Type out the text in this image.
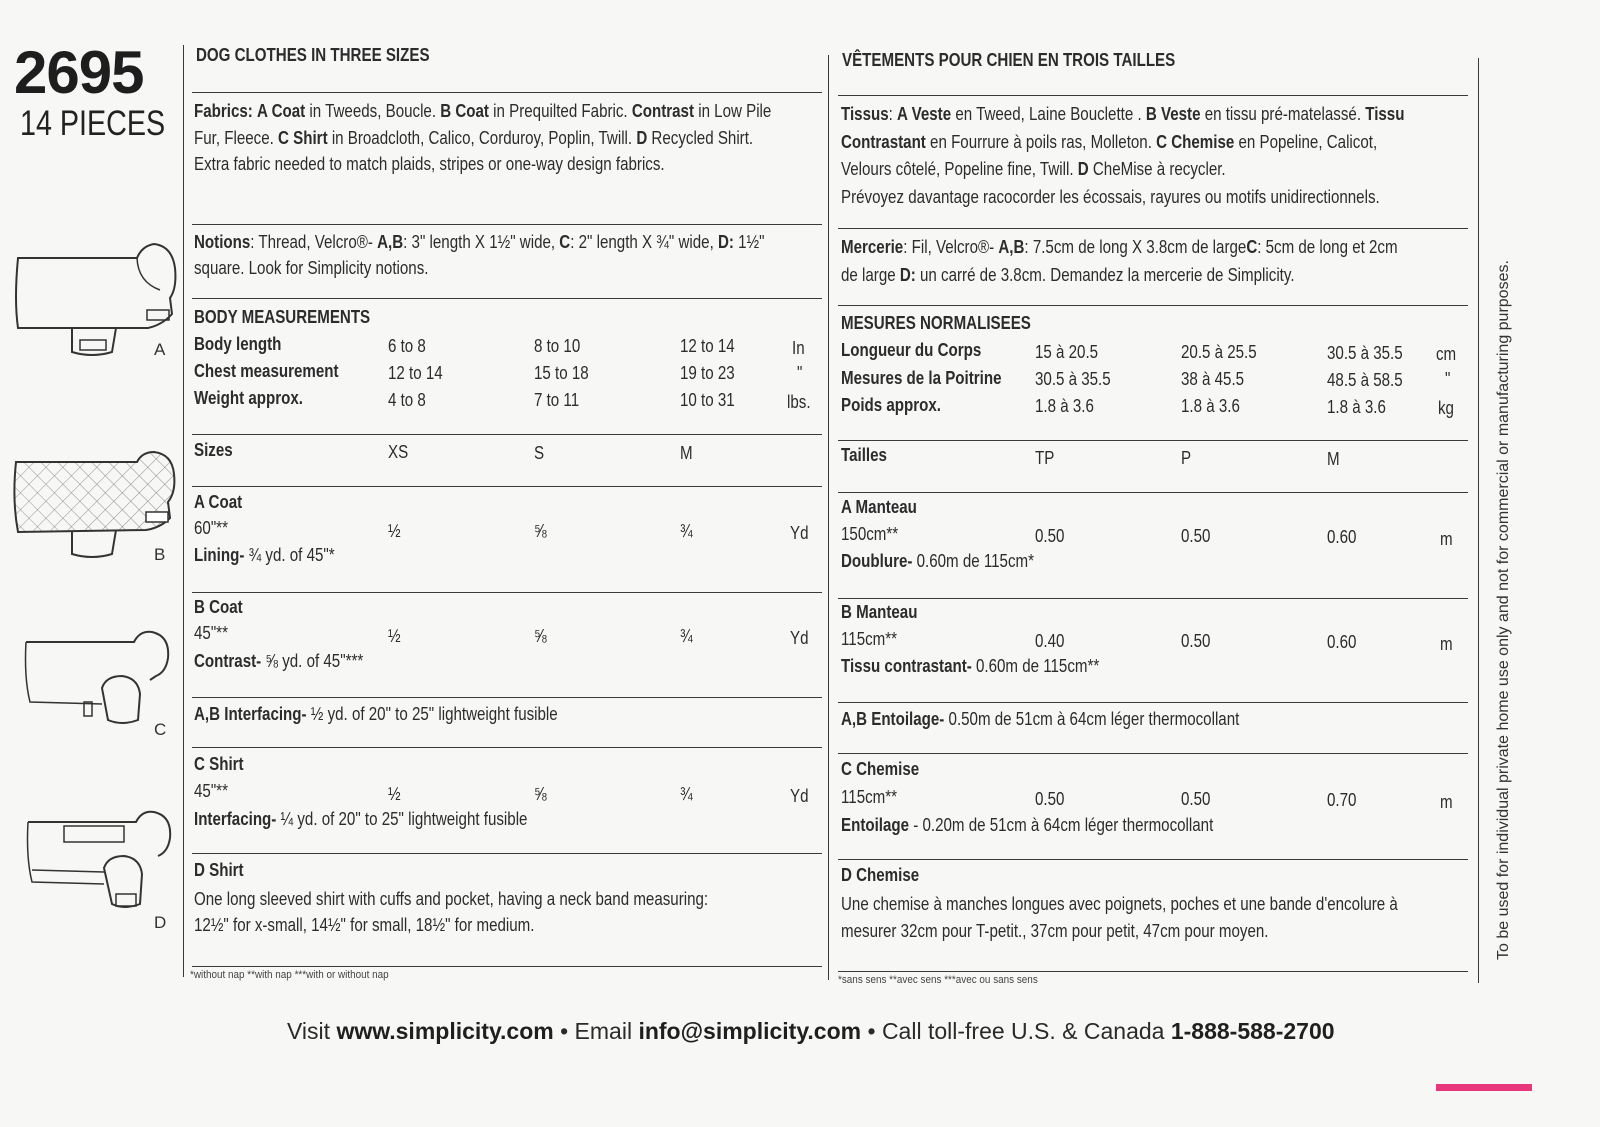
2695
14 PIECES
A
B
C
D
DOG CLOTHES IN THREE SIZES
Fabrics: A Coat in Tweeds, Boucle. B Coat in Prequilted Fabric. Contrast in Low Pile
Fur, Fleece. C Shirt in Broadcloth, Calico, Corduroy, Poplin, Twill. D Recycled Shirt.
Extra fabric needed to match plaids, stripes or one-way design fabrics.
Notions: Thread, Velcro®- A,B: 3" length X 1½" wide, C: 2" length X ¾" wide, D: 1½"
square. Look for Simplicity notions.
BODY MEASUREMENTS
Body length	6 to 8	8 to 10	12 to 14	In
Chest measurement	12 to 14	15 to 18	19 to 23	"
Weight approx.	4 to 8	7 to 11	10 to 31	lbs.
Sizes	XS	S	M
A Coat
60"**	½	⅝	¾	Yd
Lining- ¾ yd. of 45"*
B Coat
45"**	½	⅝	¾	Yd
Contrast- ⅝ yd. of 45"***
A,B Interfacing- ½ yd. of 20" to 25" lightweight fusible
C Shirt
45"**	½	⅝	¾	Yd
Interfacing- ¼ yd. of 20" to 25" lightweight fusible
D Shirt
One long sleeved shirt with cuffs and pocket, having a neck band measuring:
12½" for x-small, 14½" for small, 18½" for medium.
*without nap **with nap ***with or without nap
VÊTEMENTS POUR CHIEN EN TROIS TAILLES
Tissus: A Veste en Tweed, Laine Bouclette . B Veste en tissu pré-matelassé. Tissu
Contrastant en Fourrure à poils ras, Molleton. C Chemise en Popeline, Calicot,
Velours côtelé, Popeline fine, Twill. D CheMise à recycler.
Prévoyez davantage racocorder les écossais, rayures ou motifs unidirectionnels.
Mercerie: Fil, Velcro®- A,B: 7.5cm de long X 3.8cm de largeC: 5cm de long et 2cm
de large D: un carré de 3.8cm. Demandez la mercerie de Simplicity.
MESURES NORMALISEES
Longueur du Corps	15 à 20.5	20.5 à 25.5	30.5 à 35.5 cm
Mesures de la Poitrine 30.5 à 35.5	38 à 45.5	48.5 à 58.5 "
Poids approx.	1.8 à 3.6	1.8 à 3.6	1.8 à 3.6	kg
Tailles	TP	P	M
A Manteau
150cm**	0.50	0.50	0.60	m
Doublure- 0.60m de 115cm*
B Manteau
115cm**	0.40	0.50	0.60	m
Tissu contrastant- 0.60m de 115cm**
A,B Entoilage- 0.50m de 51cm à 64cm léger thermocollant
C Chemise
115cm**	0.50	0.50	0.70	m
Entoilage - 0.20m de 51cm à 64cm léger thermocollant
D Chemise
Une chemise à manches longues avec poignets, poches et une bande d'encolure à
mesurer 32cm pour T-petit., 37cm pour petit, 47cm pour moyen.
*sans sens **avec sens ***avec ou sans sens
Visit www.simplicity.com • Email info@simplicity.com • Call toll-free U.S. & Canada 1-888-588-2700
To be used for individual private home use only and not for commercial or manufacturing purposes.
